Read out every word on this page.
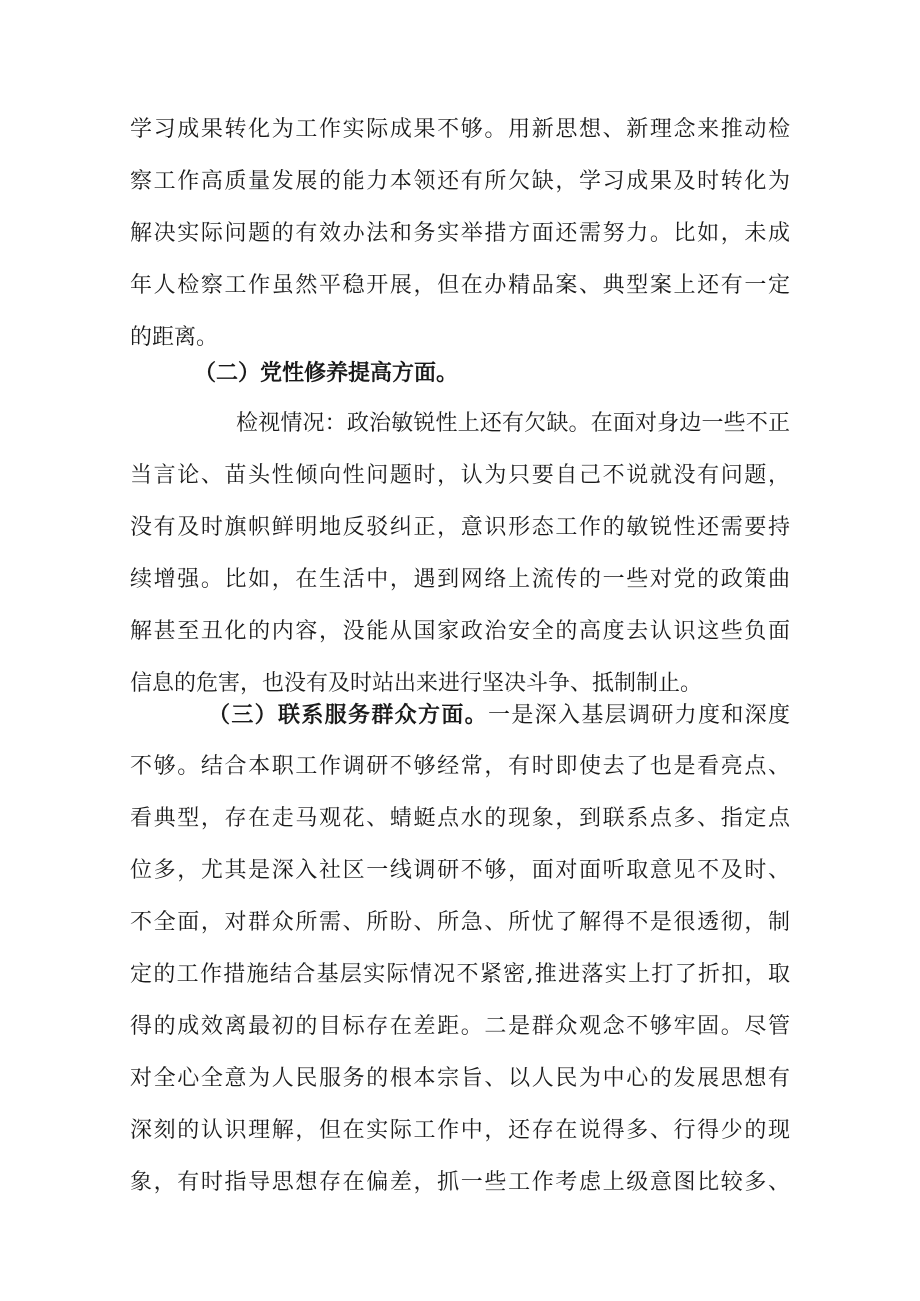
学习成果转化为工作实际成果不够。用新思想、新理念来推动检
察工作高质量发展的能力本领还有所欠缺，学习成果及时转化为
解决实际问题的有效办法和务实举措方面还需努力。比如，未成
年人检察工作虽然平稳开展，但在办精品案、典型案上还有一定
的距离。
（二）党性修养提高方面。
检视情况：政治敏锐性上还有欠缺。在面对身边一些不正
当言论、苗头性倾向性问题时，认为只要自己不说就没有问题，
没有及时旗帜鲜明地反驳纠正，意识形态工作的敏锐性还需要持
续增强。比如，在生活中，遇到网络上流传的一些对党的政策曲
解甚至丑化的内容，没能从国家政治安全的高度去认识这些负面
信息的危害，也没有及时站出来进行坚决斗争、抵制制止。
（三）联系服务群众方面。一是深入基层调研力度和深度
不够。结合本职工作调研不够经常，有时即使去了也是看亮点、
看典型，存在走马观花、蜻蜓点水的现象，到联系点多、指定点
位多，尤其是深入社区一线调研不够，面对面听取意见不及时、
不全面，对群众所需、所盼、所急、所忧了解得不是很透彻，制
定的工作措施结合基层实际情况不紧密,推进落实上打了折扣，取
得的成效离最初的目标存在差距。二是群众观念不够牢固。尽管
对全心全意为人民服务的根本宗旨、以人民为中心的发展思想有
深刻的认识理解，但在实际工作中，还存在说得多、行得少的现
象，有时指导思想存在偏差，抓一些工作考虑上级意图比较多、
